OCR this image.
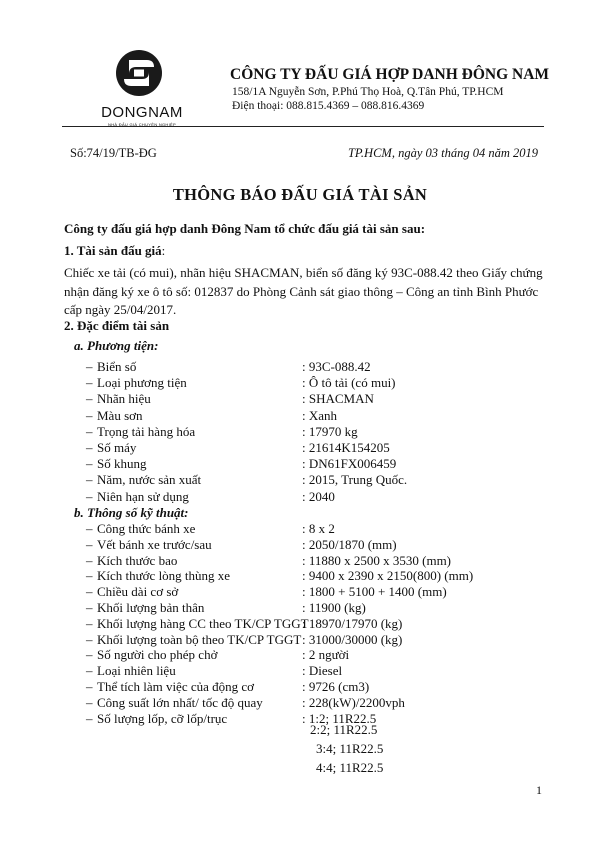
DONGNAM
NHÀ ĐẤU GIÁ CHUYÊN NGHIỆP
CÔNG TY ĐẤU GIÁ HỢP DANH ĐÔNG NAM
158/1A Nguyễn Sơn, P.Phú Thọ Hoà, Q.Tân Phú, TP.HCM
Điện thoại: 088.815.4369 – 088.816.4369
Số:74/19/TB-ĐG	TP.HCM, ngày 03 tháng 04 năm 2019
THÔNG BÁO ĐẤU GIÁ TÀI SẢN
Công ty đấu giá hợp danh Đông Nam tổ chức đấu giá tài sản sau:
1. Tài sản đấu giá:
Chiếc xe tải (có mui), nhãn hiệu SHACMAN, biển số đăng ký 93C-088.42 theo Giấy chứng
nhận đăng ký xe ô tô số: 012837 do Phòng Cảnh sát giao thông – Công an tỉnh Bình Phước
cấp ngày 25/04/2017.
2. Đặc điểm tài sản
a. Phương tiện:
– Biển số	: 93C-088.42
– Loại phương tiện	: Ô tô tải (có mui)
– Nhãn hiệu	: SHACMAN
– Màu sơn	: Xanh
– Trọng tải hàng hóa	: 17970 kg
– Số máy	: 21614K154205
– Số khung	: DN61FX006459
– Năm, nước sản xuất	: 2015, Trung Quốc.
– Niên hạn sử dụng	: 2040
b. Thông số kỹ thuật:
– Công thức bánh xe	: 8 x 2
– Vết bánh xe trước/sau	: 2050/1870 (mm)
– Kích thước bao	: 11880 x 2500 x 3530 (mm)
– Kích thước lòng thùng xe	: 9400 x 2390 x 2150(800) (mm)
– Chiều dài cơ sở	: 1800 + 5100 + 1400 (mm)
– Khối lượng bản thân	: 11900 (kg)
– Khối lượng hàng CC theo TK/CP TGGT
: 18970/17970 (kg)
– Khối lượng toàn bộ theo TK/CP TGGT : 31000/30000 (kg)
– Số người cho phép chở	: 2 người
– Loại nhiên liệu	: Diesel
– Thể tích làm việc của động cơ	: 9726 (cm3)
– Công suất lớn nhất/ tốc độ quay	: 228(kW)/2200vph
– Số lượng lốp, cỡ lốp/trục	: 1:2; 11R22.5
2:2; 11R22.5
3:4; 11R22.5
4:4; 11R22.5
1
